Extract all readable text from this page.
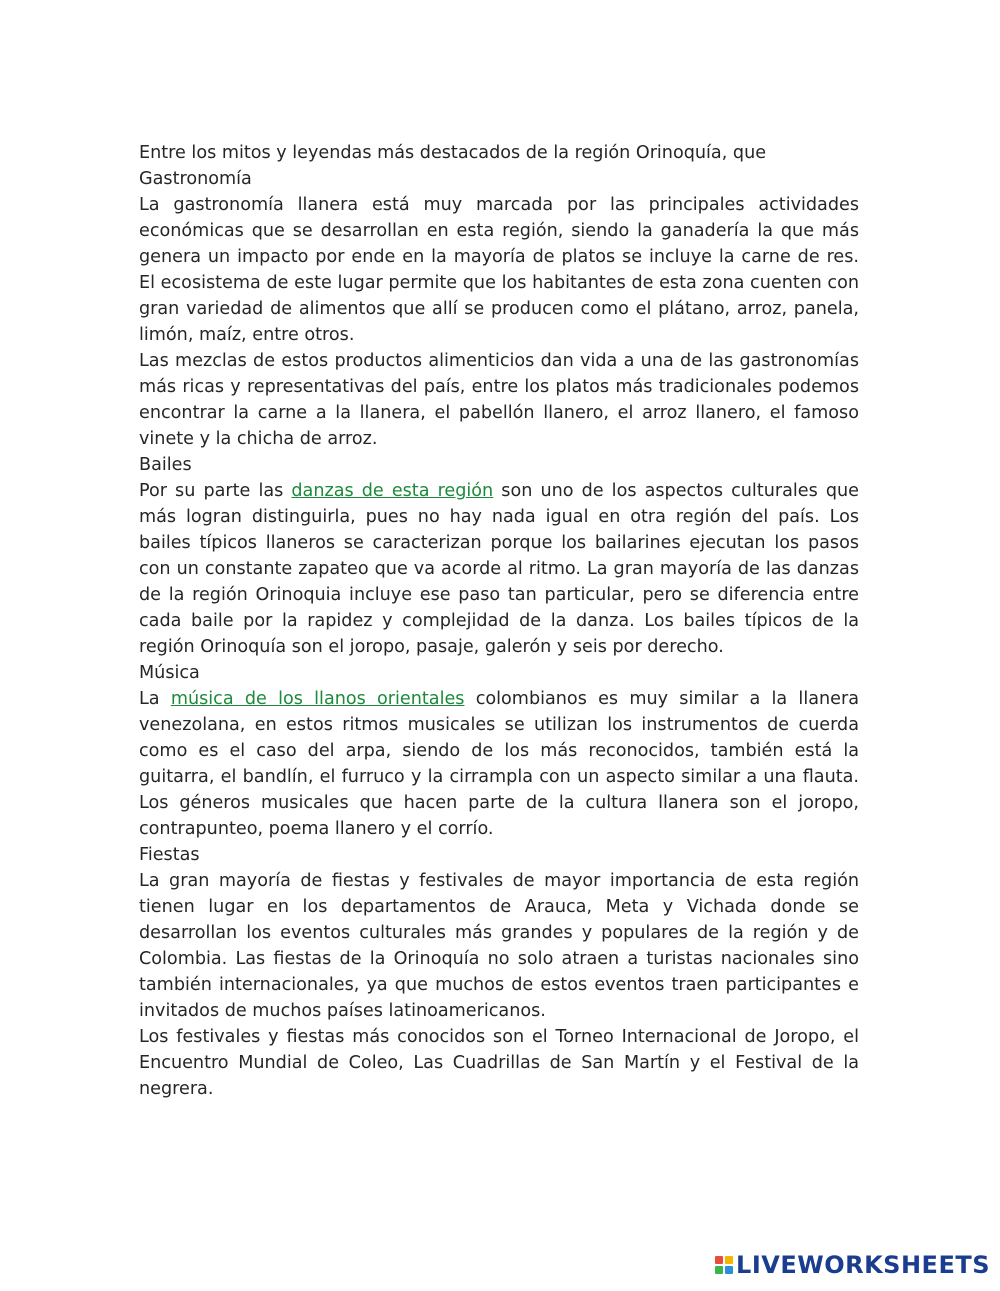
Entre los mitos y leyendas más destacados de la región Orinoquía, que

Gastronomía

La gastronomía llanera está muy marcada por las principales actividades económicas que se desarrollan en esta región, siendo la ganadería la que más genera un impacto por ende en la mayoría de platos se incluye la carne de res. El ecosistema de este lugar permite que los habitantes de esta zona cuenten con gran variedad de alimentos que allí se producen como el plátano, arroz, panela, limón, maíz, entre otros.

Las mezclas de estos productos alimenticios dan vida a una de las gastronomías más ricas y representativas del país, entre los platos más tradicionales podemos encontrar la carne a la llanera, el pabellón llanero, el arroz llanero, el famoso vinete y la chicha de arroz.

Bailes

Por su parte las danzas de esta región son uno de los aspectos culturales que más logran distinguirla, pues no hay nada igual en otra región del país. Los bailes típicos llaneros se caracterizan porque los bailarines ejecutan los pasos con un constante zapateo que va acorde al ritmo. La gran mayoría de las danzas de la región Orinoquia incluye ese paso tan particular, pero se diferencia entre cada baile por la rapidez y complejidad de la danza. Los bailes típicos de la región Orinoquía son el joropo, pasaje, galerón y seis por derecho.

Música

La música de los llanos orientales colombianos es muy similar a la llanera venezolana, en estos ritmos musicales se utilizan los instrumentos de cuerda como es el caso del arpa, siendo de los más reconocidos, también está la guitarra, el bandlín, el furruco y la cirrampla con un aspecto similar a una flauta. Los géneros musicales que hacen parte de la cultura llanera son el joropo, contrapunteo, poema llanero y el corrío.

Fiestas

La gran mayoría de fiestas y festivales de mayor importancia de esta región tienen lugar en los departamentos de Arauca, Meta y Vichada donde se desarrollan los eventos culturales más grandes y populares de la región y de Colombia. Las fiestas de la Orinoquía no solo atraen a turistas nacionales sino también internacionales, ya que muchos de estos eventos traen participantes e invitados de muchos países latinoamericanos.

Los festivales y fiestas más conocidos son el Torneo Internacional de Joropo, el Encuentro Mundial de Coleo, Las Cuadrillas de San Martín y el Festival de la negrera.

LIVEWORKSHEETS
